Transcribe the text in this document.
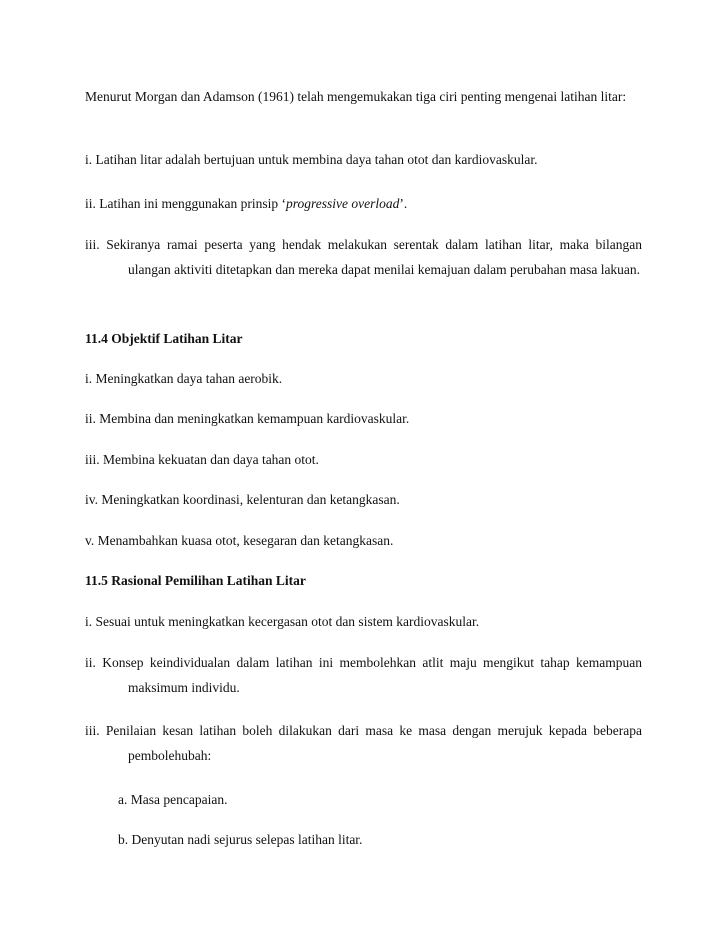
Menurut Morgan dan Adamson (1961) telah mengemukakan tiga ciri penting mengenai latihan litar:

i. Latihan litar adalah bertujuan untuk membina daya tahan otot dan kardiovaskular.

ii. Latihan ini menggunakan prinsip ‘progressive overload’.

iii. Sekiranya ramai peserta yang hendak melakukan serentak dalam latihan litar, maka bilangan ulangan aktiviti ditetapkan dan mereka dapat menilai kemajuan dalam perubahan masa lakuan.

11.4 Objektif Latihan Litar

i. Meningkatkan daya tahan aerobik.

ii. Membina dan meningkatkan kemampuan kardiovaskular.

iii. Membina kekuatan dan daya tahan otot.

iv. Meningkatkan koordinasi, kelenturan dan ketangkasan.

v. Menambahkan kuasa otot, kesegaran dan ketangkasan.

11.5 Rasional Pemilihan Latihan Litar

i. Sesuai untuk meningkatkan kecergasan otot dan sistem kardiovaskular.

ii. Konsep keindividualan dalam latihan ini membolehkan atlit maju mengikut tahap kemampuan maksimum individu.

iii. Penilaian kesan latihan boleh dilakukan dari masa ke masa dengan merujuk kepada beberapa pembolehubah:

a. Masa pencapaian.

b. Denyutan nadi sejurus selepas latihan litar.
